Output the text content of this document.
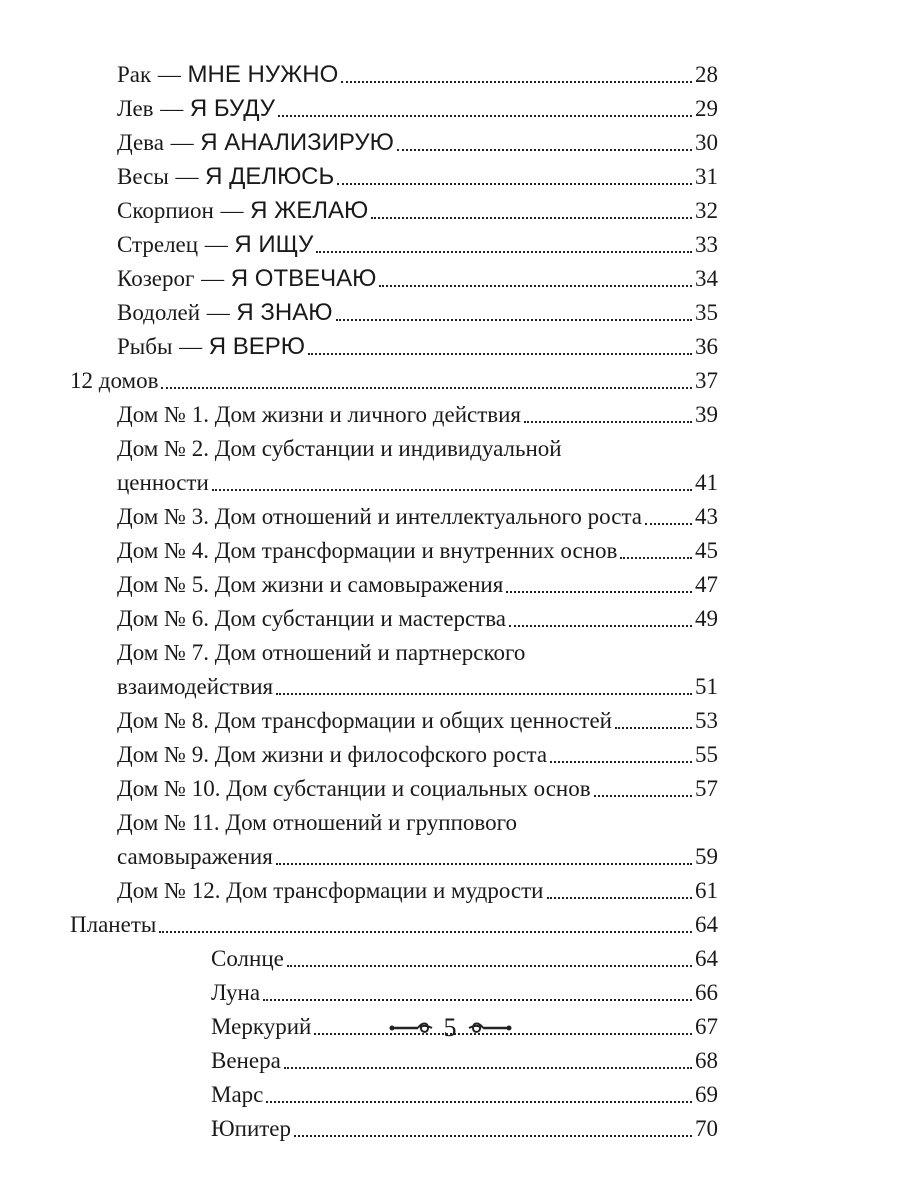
Рак — МНЕ НУЖНО	28
Лев — Я БУДУ	29
Дева — Я АНАЛИЗИРУЮ	30
Весы — Я ДЕЛЮСЬ	31
Скорпион — Я ЖЕЛАЮ	32
Стрелец — Я ИЩУ	33
Козерог — Я ОТВЕЧАЮ	34
Водолей — Я ЗНАЮ	35
Рыбы — Я ВЕРЮ	36
12 домов	37
Дом № 1. Дом жизни и личного действия	39
Дом № 2. Дом субстанции и индивидуальной
ценности	41
Дом № 3. Дом отношений и интеллектуального роста 43
Дом № 4. Дом трансформации и внутренних основ	45
Дом № 5. Дом жизни и самовыражения	47
Дом № 6. Дом субстанции и мастерства	49
Дом № 7. Дом отношений и партнерского
взаимодействия	51
Дом № 8. Дом трансформации и общих ценностей	53
Дом № 9. Дом жизни и философского роста	55
Дом № 10. Дом субстанции и социальных основ	57
Дом № 11. Дом отношений и группового
самовыражения	59
Дом № 12. Дом трансформации и мудрости	61
Планеты	64
Солнце	64
Луна	66
Меркурий	67
Венера	68
Марс	69
Юпитер	70
5
